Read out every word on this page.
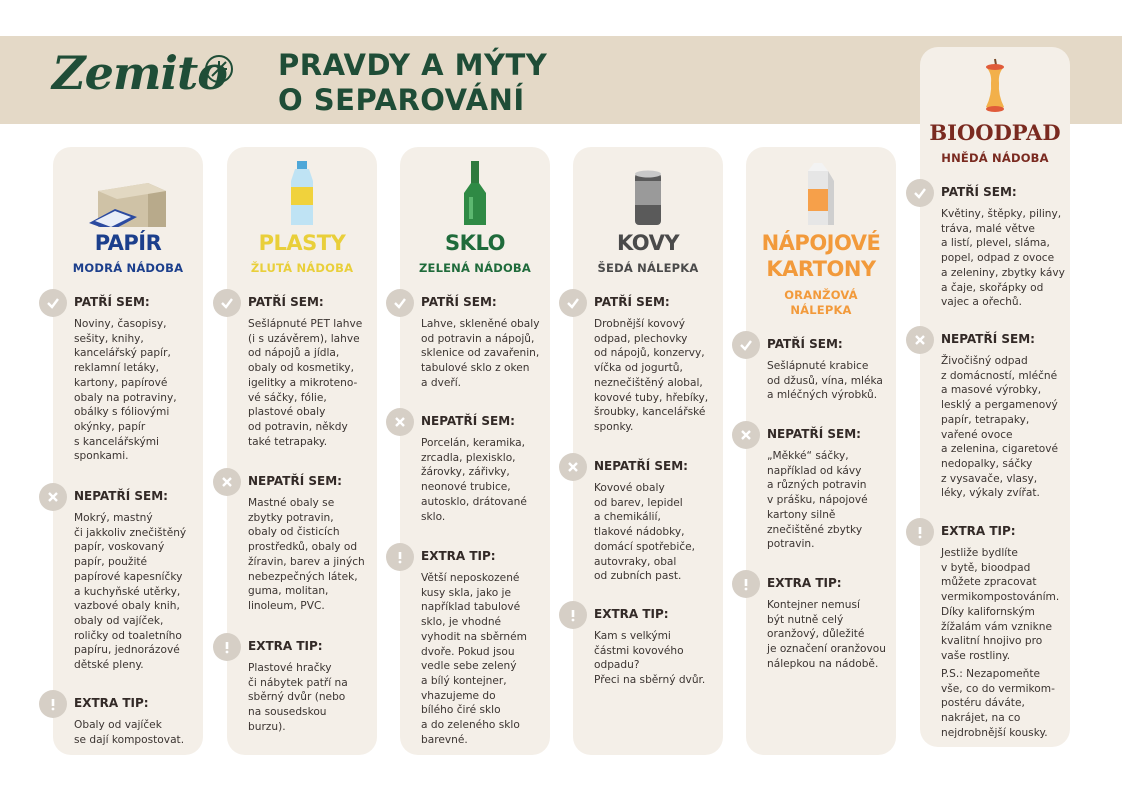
Zemito PRAVDY A MÝTY
O SEPAROVÁNÍ
PAPÍR
MODRÁ NÁDOBA
PATŘÍ SEM:
Noviny, časopisy,
sešity, knihy,
kancelářský papír,
reklamní letáky,
kartony, papírové
obaly na potraviny,
obálky s fóliovými
okýnky, papír
s kancelářskými
sponkami.
NEPATŘÍ SEM:
Mokrý, mastný
či jakkoliv znečištěný
papír, voskovaný
papír, použité
papírové kapesníčky
a kuchyňské utěrky,
vazbové obaly knih,
obaly od vajíček,
roličky od toaletního
papíru, jednorázové
dětské pleny.
EXTRA TIP:
Obaly od vajíček
se dají kompostovat.
PLASTY
ŽLUTÁ NÁDOBA
PATŘÍ SEM:
Sešlápnuté PET lahve
(i s uzávěrem), lahve
od nápojů a jídla,
obaly od kosmetiky,
igelitky a mikroteno-
vé sáčky, fólie,
plastové obaly
od potravin, někdy
také tetrapaky.
NEPATŘÍ SEM:
Mastné obaly se
zbytky potravin,
obaly od čisticích
prostředků, obaly od
žíravin, barev a jiných
nebezpečných látek,
guma, molitan,
linoleum, PVC.
EXTRA TIP:
Plastové hračky
či nábytek patří na
sběrný dvůr (nebo
na sousedskou
burzu).
SKLO
ZELENÁ NÁDOBA
PATŘÍ SEM:
Lahve, skleněné obaly
od potravin a nápojů,
sklenice od zavařenin,
tabulové sklo z oken
a dveří.
NEPATŘÍ SEM:
Porcelán, keramika,
zrcadla, plexisklo,
žárovky, zářivky,
neonové trubice,
autosklo, drátované
sklo.
EXTRA TIP:
Větší neposkozené
kusy skla, jako je
například tabulové
sklo, je vhodné
vyhodit na sběrném
dvoře. Pokud jsou
vedle sebe zelený
a bílý kontejner,
vhazujeme do
bílého čiré sklo
a do zeleného sklo
barevné.
KOVY
ŠEDÁ NÁLEPKA
PATŘÍ SEM:
Drobnější kovový
odpad, plechovky
od nápojů, konzervy,
víčka od jogurtů,
neznečištěný alobal,
kovové tuby, hřebíky,
šroubky, kancelářské
sponky.
NEPATŘÍ SEM:
Kovové obaly
od barev, lepidel
a chemikálií,
tlakové nádobky,
domácí spotřebiče,
autovraky, obal
od zubních past.
EXTRA TIP:
Kam s velkými
částmi kovového
odpadu?
Přeci na sběrný dvůr.
NÁPOJOVÉ
KARTONY
ORANŽOVÁ
NÁLEPKA
PATŘÍ SEM:
Sešlápnuté krabice
od džusů, vína, mléka
a mléčných výrobků.
NEPATŘÍ SEM:
„Měkké“ sáčky,
například od kávy
a různých potravin
v prášku, nápojové
kartony silně
znečištěné zbytky
potravin.
EXTRA TIP:
Kontejner nemusí
být nutně celý
oranžový, důležité
je označení oranžovou
nálepkou na nádobě.
BIOODPAD
HNĚDÁ NÁDOBA
PATŘÍ SEM:
Květiny, štěpky, piliny,
tráva, malé větve
a listí, plevel, sláma,
popel, odpad z ovoce
a zeleniny, zbytky kávy
a čaje, skořápky od
vajec a ořechů.
NEPATŘÍ SEM:
Živočišný odpad
z domácností, mléčné
a masové výrobky,
lesklý a pergamenový
papír, tetrapaky,
vařené ovoce
a zelenina, cigaretové
nedopalky, sáčky
z vysavače, vlasy,
léky, výkaly zvířat.
EXTRA TIP:
Jestliže bydlíte
v bytě, bioodpad
můžete zpracovat
vermikompostováním.
Díky kalifornským
žížalám vám vznikne
kvalitní hnojivo pro
vaše rostliny.
P.S.: Nezapomeňte
vše, co do vermikom-
postéru dáváte,
nakrájet, na co
nejdrobnější kousky.
